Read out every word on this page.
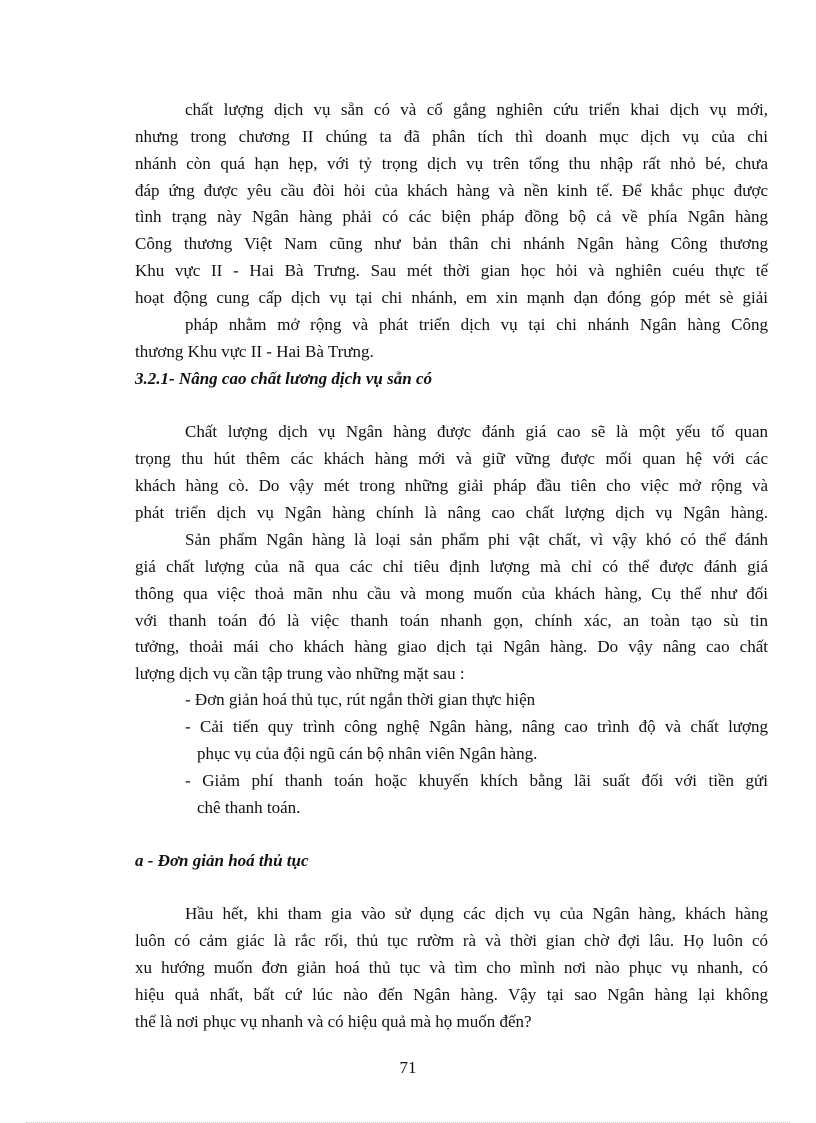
chất lượng dịch vụ sẵn có và cố gắng nghiên cứu triển khai dịch vụ mới,
nhưng trong chương II chúng ta đã phân tích thì doanh mục dịch vụ của chi
nhánh còn quá hạn hẹp, với tỷ trọng dịch vụ trên tổng thu nhập rất nhỏ bé, chưa
đáp ứng được yêu cầu đòi hỏi của khách hàng và nền kinh tế. Để khắc phục được
tình trạng này Ngân hàng phải có các biện pháp đồng bộ cả về phía Ngân hàng
Công thương Việt Nam cũng như bản thân chi nhánh Ngân hàng Công thương
Khu vực II - Hai Bà Trưng. Sau mét thời gian học hỏi và nghiên cuéu thực tế
hoạt động cung cấp dịch vụ tại chi nhánh, em xin mạnh dạn đóng góp mét sè giải
pháp nhằm mở rộng và phát triển dịch vụ tại chi nhánh Ngân hàng Công
thương Khu vực II - Hai Bà Trưng.
3.2.1- Nâng cao chất lương dịch vụ sẵn có
Chất lượng dịch vụ Ngân hàng được đánh giá cao sẽ là một yếu tố quan
trọng thu hút thêm các khách hàng mới và giữ vững được mối quan hệ với các
khách hàng cò. Do vậy mét trong những giải pháp đầu tiên cho việc mở rộng và
phát triển dịch vụ Ngân hàng chính là nâng cao chất lượng dịch vụ Ngân hàng.
Sản phẩm Ngân hàng là loại sản phẩm phi vật chất, vì vậy khó có thể đánh
giá chất lượng của nã qua các chỉ tiêu định lượng mà chỉ có thể được đánh giá
thông qua việc thoả mãn nhu cầu và mong muốn của khách hàng, Cụ thể như đối
với thanh toán đó là việc thanh toán nhanh gọn, chính xác, an toàn tạo sù tin
tưởng, thoải mái cho khách hàng giao dịch tại Ngân hàng. Do vậy nâng cao chất
lượng dịch vụ cần tập trung vào những mặt sau :
- Đơn giản hoá thủ tục, rút ngắn thời gian thực hiện
- Cải tiến quy trình công nghệ Ngân hàng, nâng cao trình độ và chất lượng
phục vụ của đội ngũ cán bộ nhân viên Ngân hàng.
- Giảm phí thanh toán hoặc khuyến khích bằng lãi suất đối với tiền gửi
chê thanh toán.
a - Đơn giản hoá thủ tục
Hầu hết, khi tham gia vào sử dụng các dịch vụ của Ngân hàng, khách hàng
luôn có cảm giác là rắc rối, thủ tục rườm rà và thời gian chờ đợi lâu. Họ luôn có
xu hướng muốn đơn giản hoá thủ tục và tìm cho mình nơi nào phục vụ nhanh, có
hiệu quả nhất, bất cứ lúc nào đến Ngân hàng. Vậy tại sao Ngân hàng lại không
thể là nơi phục vụ nhanh và có hiệu quả mà họ muốn đến?
71
